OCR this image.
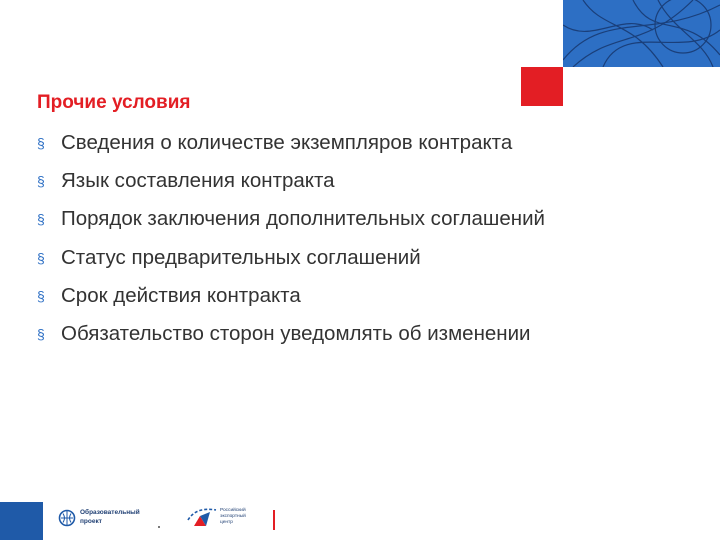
Прочие условия
§ Сведения о количестве экземпляров контракта
§ Язык составления контракта
§ Порядок заключения дополнительных соглашений
§ Статус предварительных соглашений
§ Срок действия контракта
§ Обязательство сторон уведомлять об изменении
Образовательный
проект
Российский
экспортный
центр
